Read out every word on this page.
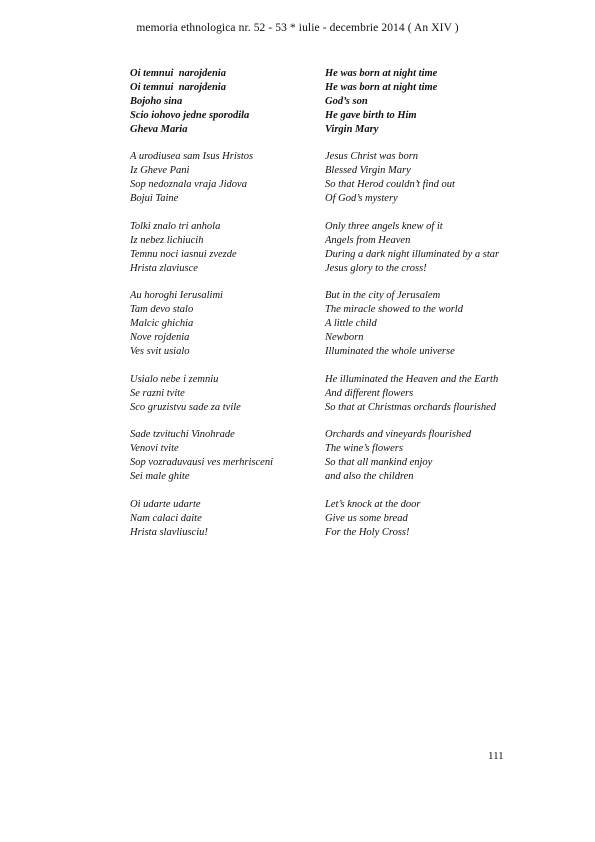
memoria ethnologica nr. 52 - 53 * iulie - decembrie 2014 ( An XIV )
Oi temnui  narojdenia
Oi temnui  narojdenia
Bojoho sina
Scio iohovo jedne sporodila
Gheva Maria
A urodiusea sam Isus Hristos
Iz Gheve Pani
Sop nedoznala vraja Jidova
Bojui Taine
Tolki znalo tri anhola
Iz nebez lichiucih
Temnu noci iasnui zvezde
Hrista zlaviusce
Au horoghi Ierusalimi
Tam devo stalo
Malcic ghichia
Nove rojdenia
Ves svit usialo
Usialo nebe i zemniu
Se razni tvite
Sco gruzistvu sade za tvile
Sade tzvituchi Vinohrade
Venovi tvite
Sop vozraduvausi ves merhrisceni
Sei male ghite
Oi udarte udarte
Nam calaci daite
Hrista slavliusciu!
He was born at night time
He was born at night time
God’s son
He gave birth to Him
Virgin Mary
Jesus Christ was born
Blessed Virgin Mary
So that Herod couldn’t find out
Of God’s mystery
Only three angels knew of it
Angels from Heaven
During a dark night illuminated by a star
Jesus glory to the cross!
But in the city of Jerusalem
The miracle showed to the world
A little child
Newborn
Illuminated the whole universe
He illuminated the Heaven and the Earth
And different flowers
So that at Christmas orchards flourished
Orchards and vineyards flourished
The wine’s flowers
So that all mankind enjoy
and also the children
Let’s knock at the door
Give us some bread
For the Holy Cross!
111
